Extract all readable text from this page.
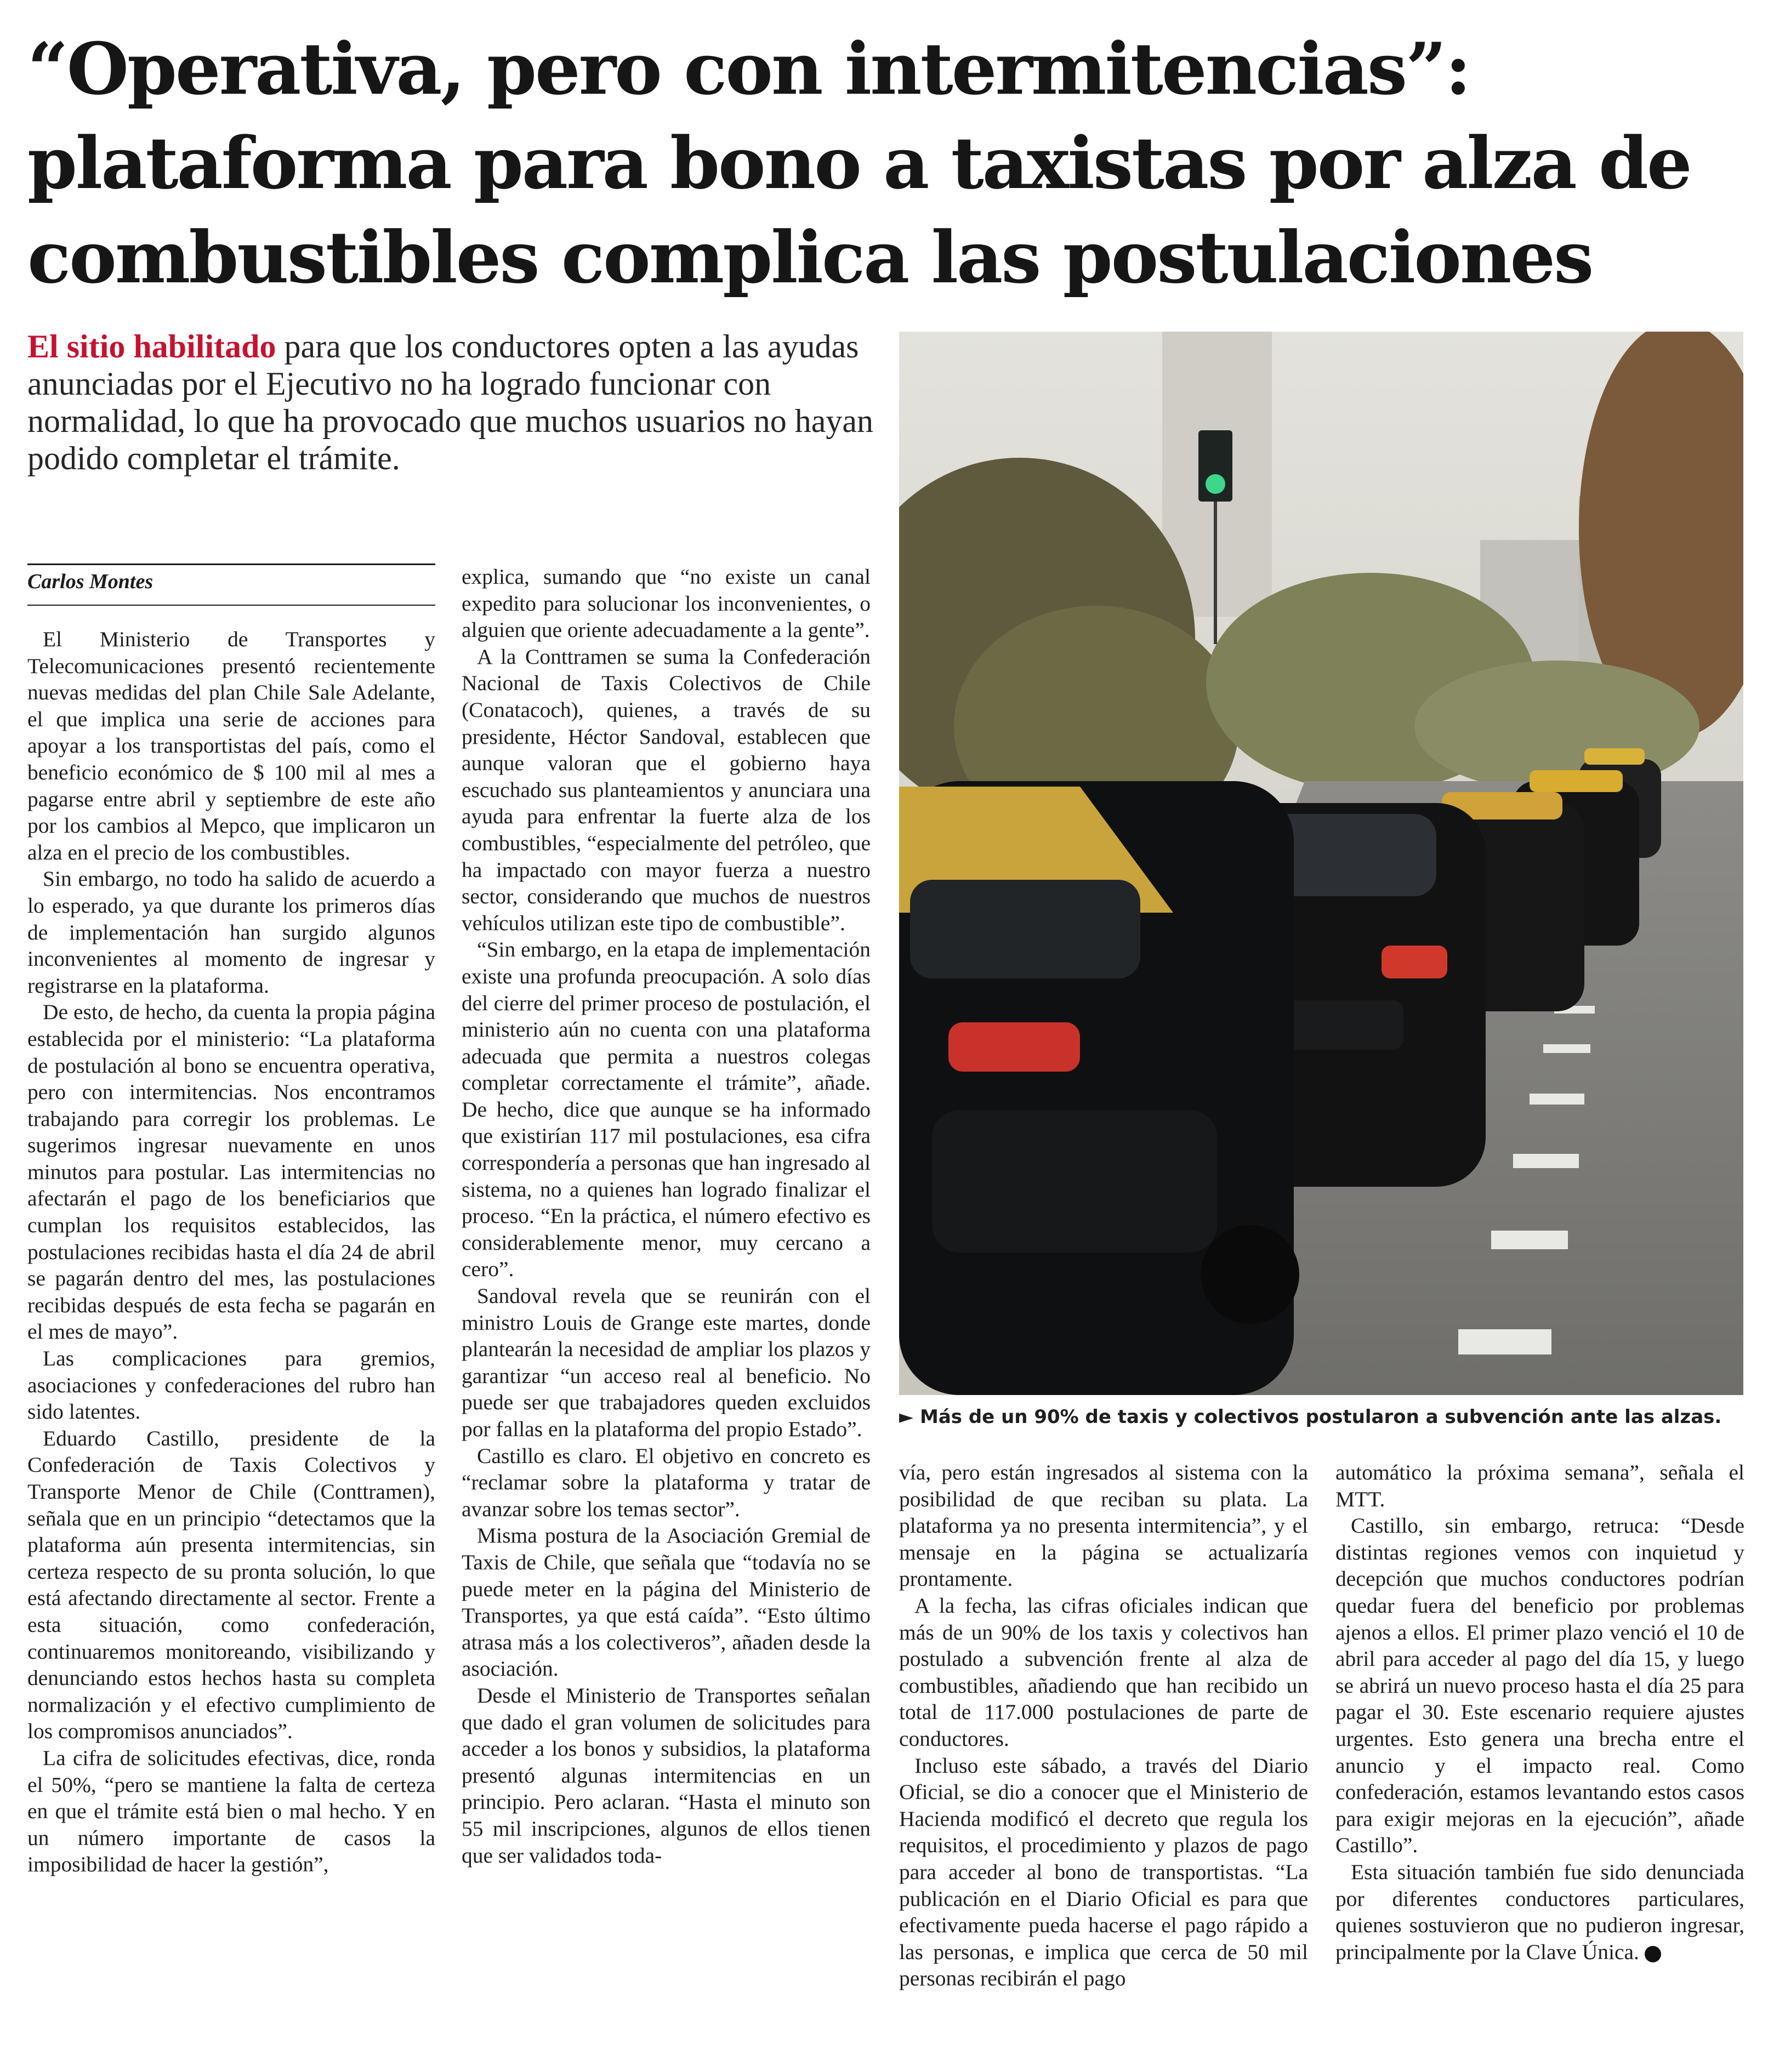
“Operativa, pero con intermitencias”:
plataforma para bono a taxistas por alza de
combustibles complica las postulaciones
El sitio habilitado para que los conductores opten a las ayudas anunciadas por el Ejecutivo no ha logrado funcionar con normalidad, lo que ha provocado que muchos usuarios no hayan podido completar el trámite.
Carlos Montes

El Ministerio de Transportes y Telecomunicaciones presentó recientemente nuevas medidas del plan Chile Sale Adelante, el que implica una serie de acciones para apoyar a los transportistas del país, como el beneficio económico de $ 100 mil al mes a pagarse entre abril y septiembre de este año por los cambios al Mepco, que implicaron un alza en el precio de los combustibles.

Sin embargo, no todo ha salido de acuerdo a lo esperado, ya que durante los primeros días de implementación han surgido algunos inconvenientes al momento de ingresar y registrarse en la plataforma.

De esto, de hecho, da cuenta la propia página establecida por el ministerio: “La plataforma de postulación al bono se encuentra operativa, pero con intermitencias. Nos encontramos trabajando para corregir los problemas. Le sugerimos ingresar nuevamente en unos minutos para postular. Las intermitencias no afectarán el pago de los beneficiarios que cumplan los requisitos establecidos, las postulaciones recibidas hasta el día 24 de abril se pagarán dentro del mes, las postulaciones recibidas después de esta fecha se pagarán en el mes de mayo”.

Las complicaciones para gremios, asociaciones y confederaciones del rubro han sido latentes.

Eduardo Castillo, presidente de la Confederación de Taxis Colectivos y Transporte Menor de Chile (Conttramen), señala que en un principio “detectamos que la plataforma aún presenta intermitencias, sin certeza respecto de su pronta solución, lo que está afectando directamente al sector. Frente a esta situación, como confederación, continuaremos monitoreando, visibilizando y denunciando estos hechos hasta su completa normalización y el efectivo cumplimiento de los compromisos anunciados”.

La cifra de solicitudes efectivas, dice, ronda el 50%, “pero se mantiene la falta de certeza en que el trámite está bien o mal hecho. Y en un número importante de casos la imposibilidad de hacer la gestión”,

explica, sumando que “no existe un canal expedito para solucionar los inconvenientes, o alguien que oriente adecuadamente a la gente”.

A la Conttramen se suma la Confederación Nacional de Taxis Colectivos de Chile (Conatacoch), quienes, a través de su presidente, Héctor Sandoval, establecen que aunque valoran que el gobierno haya escuchado sus planteamientos y anunciara una ayuda para enfrentar la fuerte alza de los combustibles, “especialmente del petróleo, que ha impactado con mayor fuerza a nuestro sector, considerando que muchos de nuestros vehículos utilizan este tipo de combustible”.

“Sin embargo, en la etapa de implementación existe una profunda preocupación. A solo días del cierre del primer proceso de postulación, el ministerio aún no cuenta con una plataforma adecuada que permita a nuestros colegas completar correctamente el trámite”, añade. De hecho, dice que aunque se ha informado que existirían 117 mil postulaciones, esa cifra correspondería a personas que han ingresado al sistema, no a quienes han logrado finalizar el proceso. “En la práctica, el número efectivo es considerablemente menor, muy cercano a cero”.

Sandoval revela que se reunirán con el ministro Louis de Grange este martes, donde plantearán la necesidad de ampliar los plazos y garantizar “un acceso real al beneficio. No puede ser que trabajadores queden excluidos por fallas en la plataforma del propio Estado”.

Castillo es claro. El objetivo en concreto es “reclamar sobre la plataforma y tratar de avanzar sobre los temas sector”.

Misma postura de la Asociación Gremial de Taxis de Chile, que señala que “todavía no se puede meter en la página del Ministerio de Transportes, ya que está caída”. “Esto último atrasa más a los colectiveros”, añaden desde la asociación.

Desde el Ministerio de Transportes señalan que dado el gran volumen de solicitudes para acceder a los bonos y subsidios, la plataforma presentó algunas intermitencias en un principio. Pero aclaran. “Hasta el minuto son 55 mil inscripciones, algunos de ellos tienen que ser validados toda-

► Más de un 90% de taxis y colectivos postularon a subvención ante las alzas.

vía, pero están ingresados al sistema con la posibilidad de que reciban su plata. La plataforma ya no presenta intermitencia”, y el mensaje en la página se actualizaría prontamente.

A la fecha, las cifras oficiales indican que más de un 90% de los taxis y colectivos han postulado a subvención frente al alza de combustibles, añadiendo que han recibido un total de 117.000 postulaciones de parte de conductores.

Incluso este sábado, a través del Diario Oficial, se dio a conocer que el Ministerio de Hacienda modificó el decreto que regula los requisitos, el procedimiento y plazos de pago para acceder al bono de transportistas. “La publicación en el Diario Oficial es para que efectivamente pueda hacerse el pago rápido a las personas, e implica que cerca de 50 mil personas recibirán el pago

automático la próxima semana”, señala el MTT.

Castillo, sin embargo, retruca: “Desde distintas regiones vemos con inquietud y decepción que muchos conductores podrían quedar fuera del beneficio por problemas ajenos a ellos. El primer plazo venció el 10 de abril para acceder al pago del día 15, y luego se abrirá un nuevo proceso hasta el día 25 para pagar el 30. Este escenario requiere ajustes urgentes. Esto genera una brecha entre el anuncio y el impacto real. Como confederación, estamos levantando estos casos para exigir mejoras en la ejecución”, añade Castillo”.

Esta situación también fue sido denunciada por diferentes conductores particulares, quienes sostuvieron que no pudieron ingresar, principalmente por la Clave Única.
